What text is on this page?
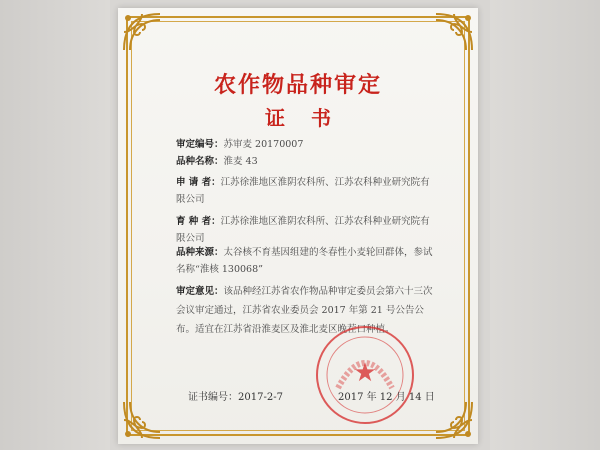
农作物品种审定
证书
审定编号：苏审麦 20170007
品种名称：淮麦 43
申 请 者：江苏徐淮地区淮阴农科所、江苏农科种业研究院有限公司
育 种 者：江苏徐淮地区淮阴农科所、江苏农科种业研究院有限公司
品种来源：太谷核不育基因组建的冬春性小麦轮回群体，参试名称“淮核 130068”
审定意见：该品种经江苏省农作物品种审定委员会第六十三次会议审定通过，江苏省农业委员会 2017 年第 21 号公告公布。适宜在江苏省沿淮麦区及淮北麦区晚茬口种植。
★
证书编号：2017-2-7	2017 年 12 月 14 日
